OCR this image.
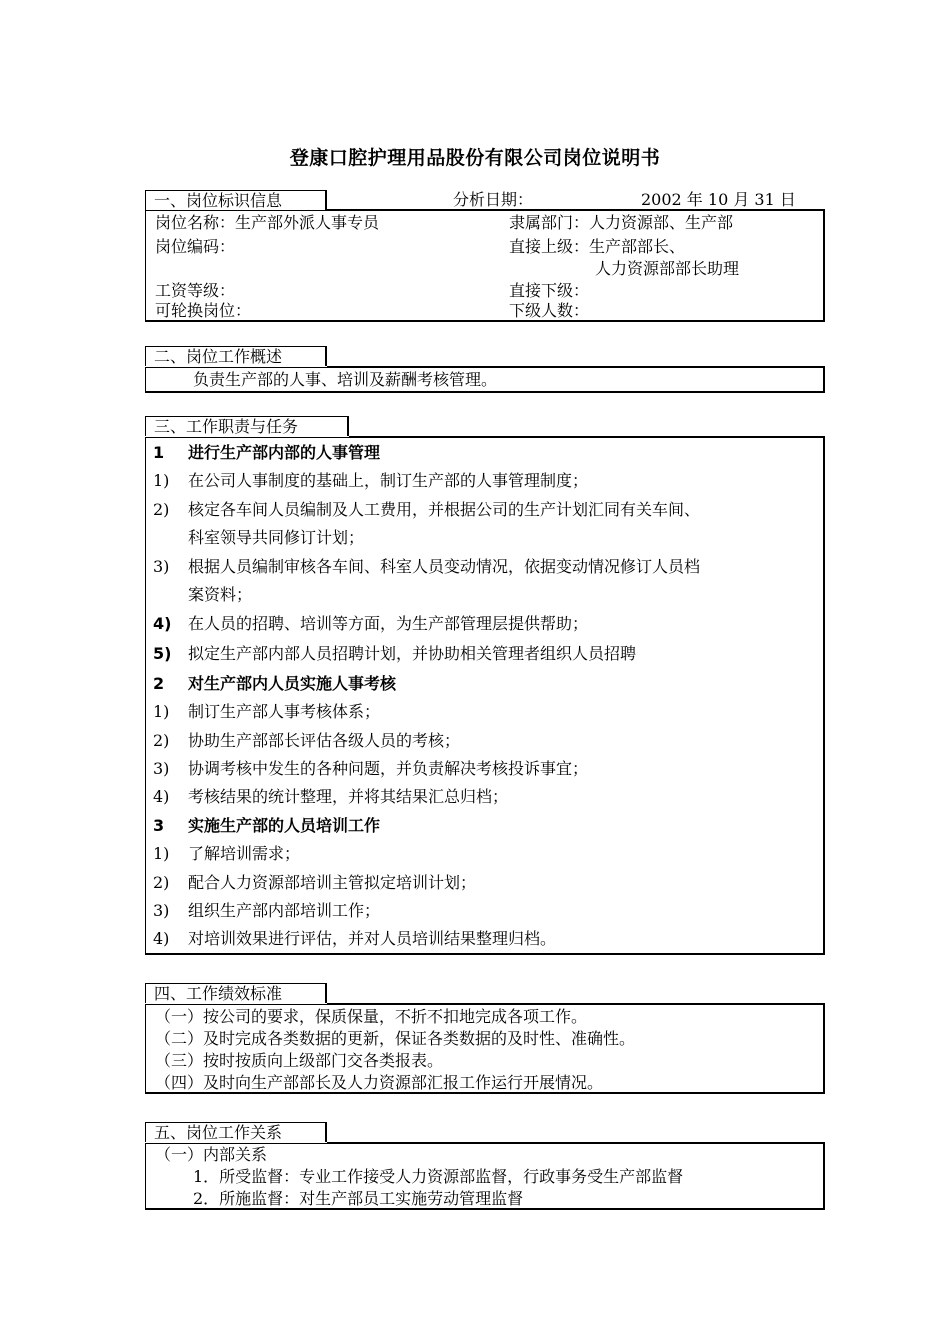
登康口腔护理用品股份有限公司岗位说明书
一、岗位标识信息	分析日期：	2002 年 10 月 31 日
岗位名称：生产部外派人事专员	隶属部门：人力资源部、生产部
岗位编码：	直接上级：生产部部长、
人力资源部部长助理
工资等级：	直接下级：
可轮换岗位：	下级人数：
二、岗位工作概述
负责生产部的人事、培训及薪酬考核管理。
三、工作职责与任务
1 进行生产部内部的人事管理
1) 在公司人事制度的基础上，制订生产部的人事管理制度；
2) 核定各车间人员编制及人工费用，并根据公司的生产计划汇同有关车间、
科室领导共同修订计划；
3) 根据人员编制审核各车间、科室人员变动情况，依据变动情况修订人员档
案资料；
4) 在人员的招聘、培训等方面，为生产部管理层提供帮助；
5) 拟定生产部内部人员招聘计划，并协助相关管理者组织人员招聘
2 对生产部内人员实施人事考核
1) 制订生产部人事考核体系；
2) 协助生产部部长评估各级人员的考核；
3) 协调考核中发生的各种问题，并负责解决考核投诉事宜；
4) 考核结果的统计整理，并将其结果汇总归档；
3 实施生产部的人员培训工作
1) 了解培训需求；
2) 配合人力资源部培训主管拟定培训计划；
3) 组织生产部内部培训工作；
4) 对培训效果进行评估，并对人员培训结果整理归档。
四、工作绩效标准
（一）按公司的要求，保质保量，不折不扣地完成各项工作。
（二）及时完成各类数据的更新，保证各类数据的及时性、准确性。
（三）按时按质向上级部门交各类报表。
（四）及时向生产部部长及人力资源部汇报工作运行开展情况。
五、岗位工作关系
（一）内部关系
1．所受监督：专业工作接受人力资源部监督，行政事务受生产部监督
2．所施监督：对生产部员工实施劳动管理监督
